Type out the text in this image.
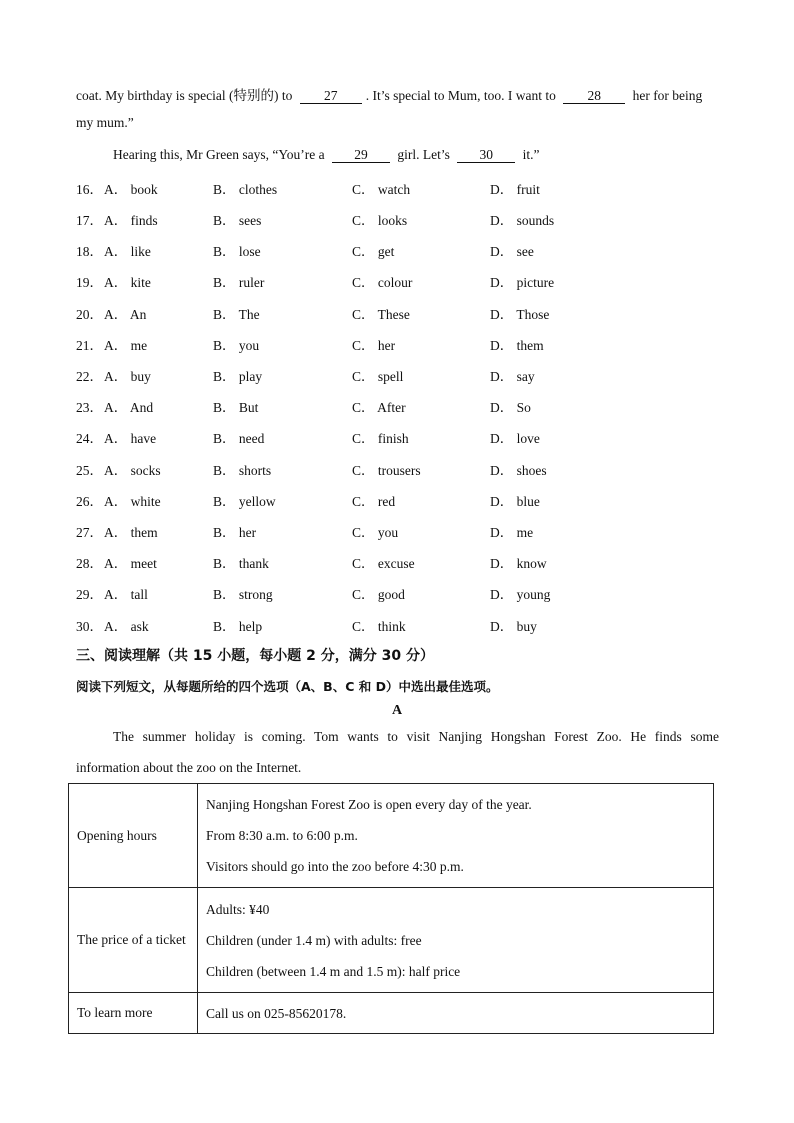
coat. My birthday is special (特别的) to 27 . It’s special to Mum, too. I want to 28 her for being
my mum.”
Hearing this, Mr Green says, “You’re a 29 girl. Let’s 30 it.”
16． A． book	B． clothes	C． watch	D． fruit
17． A． finds	B． sees	C． looks	D． sounds
18． A． like	B． lose	C． get	D． see
19． A． kite	B． ruler	C． colour	D． picture
20． A． An	B． The	C． These	D． Those
21． A． me	B． you	C． her	D． them
22． A． buy	B． play	C． spell	D． say
23． A． And	B． But	C． After	D． So
24． A． have	B． need	C． finish	D． love
25． A． socks	B． shorts	C． trousers	D． shoes
26． A． white	B． yellow	C． red	D． blue
27． A． them	B． her	C． you	D． me
28． A． meet	B． thank	C． excuse	D． know
29． A． tall	B． strong	C． good	D． young
30． A． ask	B． help	C． think	D． buy
三、阅读理解（共 15 小题，每小题 2 分，满分 30 分）
阅读下列短文，从每题所给的四个选项（A、B、C 和 D）中选出最佳选项。
A
The summer holiday is coming. Tom wants to visit Nanjing Hongshan Forest Zoo. He finds some
information about the zoo on the Internet.
Opening hours	Nanjing Hongshan Forest Zoo is open every day of the year.
From 8:30 a.m. to 6:00 p.m.
Visitors should go into the zoo before 4:30 p.m.

The price of a ticket	Adults: ¥40
Children (under 1.4 m) with adults: free
Children (between 1.4 m and 1.5 m): half price

To learn more	Call us on 025-85620178.
